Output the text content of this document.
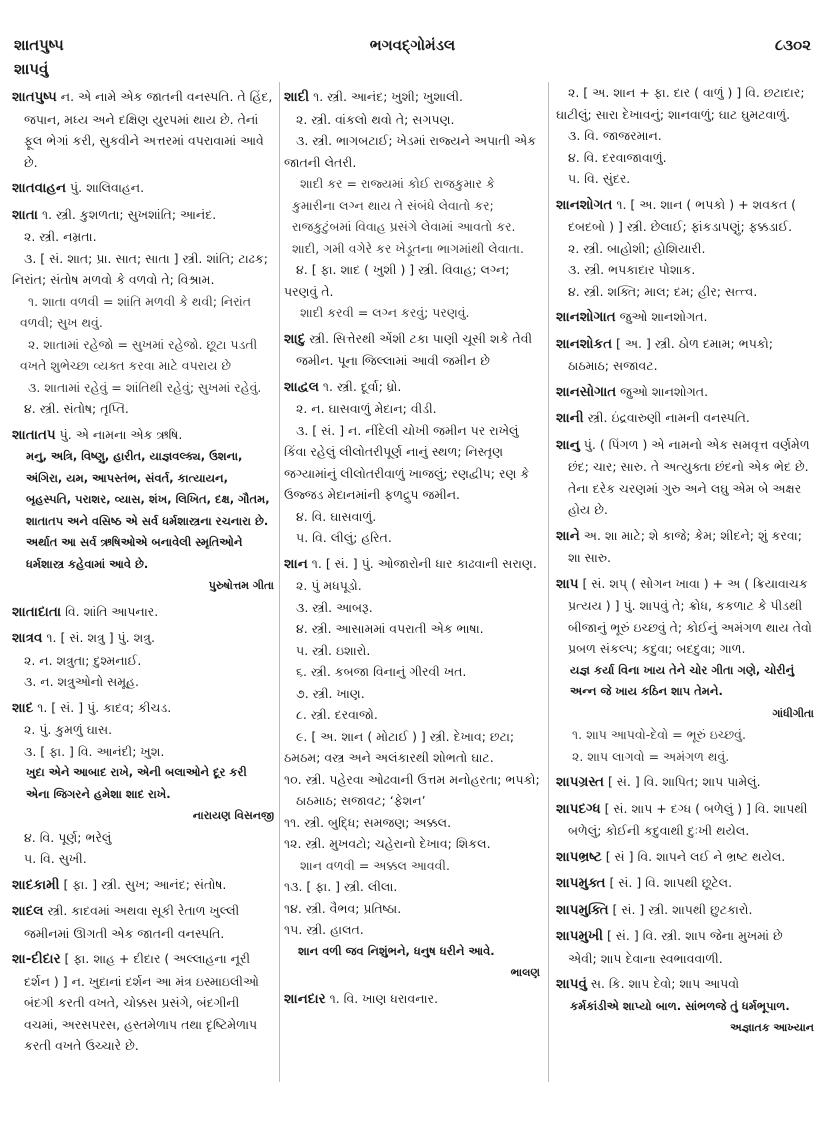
શાતપુષ્પ
શાપવું
ભગવદ્ગોમંડલ	૮૩૦૨
શાતપુષ્પ ન. એ નામે એક જાતની વનસ્પતિ. તે હિંદ, જપાન, મધ્ય અને દક્ષિણ યુરપમાં થાય છે. તેનાં ફૂલ ભેગાં કરી, સુકવીને અત્તરમાં વપરાવામાં આવે છે.
શાતવાહન પું. શાલિવાહન.
શાતા ૧. સ્ત્રી. કુશળતા; સુખશાંતિ; આનંદ.
૨. સ્ત્રી. નમ્રતા.
૩. [ સં. શાત; પ્રા. સાત; સાતા ] સ્ત્રી. શાંતિ; ટાઢક; નિરાંત; સંતોષ મળવો કે વળવો તે; વિશ્રામ.
૧. શાતા વળવી = શાંતિ મળવી કે થવી; નિરાંત વળવી; સુખ થવું.
૨. શાતામાં રહેજો = સુખમાં રહેજો. છૂટા પડતી વખતે શુભેચ્છા વ્યક્ત કરવા માટે વપરાય છે
૩. શાતામાં રહેવું = શાંતિથી રહેવું; સુખમાં રહેવું.
૪. સ્ત્રી. સંતોષ; તૃપ્તિ.
શાતાતપ પું. એ નામના એક ઋષિ.
મનુ, અત્રિ, વિષ્ણુ, હારીત, યાજ્ઞવલ્ક્ય, ઉશના, અંગિરા, યમ, આપસ્તંભ, સંવર્ત, કાત્યાયન, બૃહસ્પતિ, પરાશર, વ્યાસ, શંખ, લિખિત, દક્ષ, ગૌતમ, શાતાતપ અને વસિષ્ઠ એ સર્વ ધર્મશાસ્ત્રના રચનારા છે. અર્થાત આ સર્વ ઋષિઓએ બનાવેલી સ્મૃતિઓને ધર્મશાસ્ત્ર કહેવામાં આવે છે.
પુરુષોત્તમ ગીતા
શાતાદાતા વિ. શાંતિ આપનાર.
શાત્રવ ૧. [ સં. શત્રુ ] પું. શત્રુ.
૨. ન. શત્રુતા; દુશ્મનાઈ.
૩. ન. શત્રુઓનો સમૂહ.
શાદ ૧. [ સં. ] પું. કાદવ; કીચડ.
૨. પું. કુમળું ઘાસ.
૩. [ ફા. ] વિ. આનંદી; ખુશ.
ખુદા એને આબાદ રાખે, એની બલાઓને દૂર કરી એના જિગરને હમેશા શાદ રાખે.
નારાયણ વિસનજી
૪. વિ. પૂર્ણ; ભરેલું
૫. વિ. સુખી.
શાદકામી [ ફા. ] સ્ત્રી. સુખ; આનંદ; સંતોષ.
શાદલ સ્ત્રી. કાદવમાં અથવા સૂકી રેતાળ ખુલ્લી જમીનમાં ઊગતી એક જાતની વનસ્પતિ.
શા-દીદાર [ ફા. શાહ + દીદાર ( અલ્લાહના નૂરી દર્શન ) ] ન. ખુદાનાં દર્શન આ મંત્ર ઇસ્માઇલીઓ બંદગી કરતી વખતે, ચોક્કસ પ્રસંગે, બંદગીની વચમાં, અરસપરસ, હસ્તમેળાપ તથા દૃષ્ટિમેળાપ કરતી વખતે ઉચ્ચારે છે.
શાદી ૧. સ્ત્રી. આનંદ; ખુશી; ખુશાલી.
૨. સ્ત્રી. વાંકલો થવો તે; સગપણ.
૩. સ્ત્રી. ભાગબટાઈ; ખેડમાં રાજ્યને અપાતી એક જાતની લેતરી.
શાદી કર = રાજ્યમાં કોઈ રાજકુમાર કે કુમારીના લગ્ન થાય તે સંબંધે લેવાતો કર; રાજકુટુંબમાં વિવાહ પ્રસંગે લેવામાં આવતો કર. શાદી, ગમી વગેરે કર ખેડૂતના ભાગમાંથી લેવાતા.
૪. [ ફા. શાદ ( ખુશી ) ] સ્ત્રી. વિવાહ; લગ્ન; પરણવું તે.
શાદી કરવી = લગ્ન કરવું; પરણવું.
શાદુ સ્ત્રી. સિત્તેરથી એંશી ટકા પાણી ચૂસી શકે તેવી જમીન. પૂના જિલ્લામાં આવી જમીન છે
શાદ્વલ ૧. સ્ત્રી. દૂર્વા; ધ્રો.
૨. ન. ઘાસવાળું મેદાન; વીડી.
૩. [ સં. ] ન. નીંદેલી ચોખી જમીન પર રાખેલું કિંવા રહેલું લીલોતરીપૂર્ણ નાનું સ્થળ; નિસ્તૃણ જગ્યામાંનું લીલોતરીવાળું ખાજલું; રણદ્વીપ; રણ કે ઉજ્જડ મેદાનમાંની ફળદ્રુપ જમીન.
૪. વિ. ઘાસવાળું.
૫. વિ. લીલું; હરિત.
શાન ૧. [ સં. ] પું. ઓજારોની ધાર કાઢવાની સરાણ.
૨. પું મધપૂડો.
૩. સ્ત્રી. આબરૂ.
૪. સ્ત્રી. આસામમાં વપરાતી એક ભાષા.
૫. સ્ત્રી. ઇશારો.
૬. સ્ત્રી. કબજા વિનાનું ગીરવી ખત.
૭. સ્ત્રી. ખાણ.
૮. સ્ત્રી. દરવાજો.
૯. [ અ. શાન ( મોટાઈ ) ] સ્ત્રી. દેખાવ; છટા; ઠમઠમ; વસ્ત્ર અને અલંકારથી શોભતો ઘાટ.
૧૦. સ્ત્રી. પહેરવા ઓઢવાની ઉત્તમ મનોહરતા; ભપકો; ઠાઠમાઠ; સજાવટ; ‘ફેશન’
૧૧. સ્ત્રી. બુદ્ધિ; સમજણ; અક્કલ.
૧૨. સ્ત્રી. મુખવટો; ચહેરાનો દેખાવ; શિકલ.
શાન વળવી = અક્કલ આવવી.
૧૩. [ ફા. ] સ્ત્રી. લીલા.
૧૪. સ્ત્રી. વૈભવ; પ્રતિષ્ઠા.
૧૫. સ્ત્રી. હાલત.
શાન વળી જવ નિશુંભને, ધનુષ ધરીને આવે.
ભાલણ
શાનદાર ૧. વિ. ખાણ ધરાવનાર.
૨. [ અ. શાન + ફા. દાર ( વાળું ) ] વિ. છટાદાર; ઘાટીલું; સારા દેખાવનું; શાનવાળું; ઘાટ ઘુમટવાળું.
૩. વિ. જાજરમાન.
૪. વિ. દરવાજાવાળું.
૫. વિ. સુંદર.
શાનશોગત ૧. [ અ. શાન ( ભપકો ) + શવકત ( દબદબો ) ] સ્ત્રી. છેલાઈ; ફાંકડાપણું; ફક્કડાઈ.
૨. સ્ત્રી. બાહોશી; હોશિયારી.
૩. સ્ત્રી. ભપકાદાર પોશાક.
૪. સ્ત્રી. શક્તિ; માલ; દમ; હીર; સત્ત્વ.
શાનશોગાત જુઓ શાનશોગત.
શાનશોકત [ અ. ] સ્ત્રી. ઠોળ દમામ; ભપકો; ઠાઠમાઠ; સજાવટ.
શાનસોગાત જુઓ શાનશોગત.
શાની સ્ત્રી. ઇંદ્રવારુણી નામની વનસ્પતિ.
શાનુ પું. ( પિંગળ ) એ નામનો એક સમવૃત્ત વર્ણમેળ છંદ; ચાર; સારુ. તે અત્યુક્તા છંદનો એક ભેદ છે. તેના દરેક ચરણમાં ગુરુ અને લઘુ એમ બે અક્ષર હોય છે.
શાને અ. શા માટે; શે કાજે; કેમ; શીદને; શું કરવા; શા સારુ.
શાપ [ સં. શપ્ ( સોગન ખાવા ) + અ ( ક્રિયાવાચક પ્રત્યય ) ] પું. શાપવું તે; ક્રોધ, કકળાટ કે પીડથી બીજાનું ભૂરું ઇચ્છવું તે; કોઈનું અમંગળ થાય તેવો પ્રબળ સંકલ્પ; કદુવા; બદદુવા; ગાળ.
યજ્ઞ કર્યા વિના ખાય તેને ચોર ગીતા ગણે, ચોરીનું અન્ન જે ખાય કઠિન શાપ તેમને.
ગાંધીગીતા
૧. શાપ આપવો-દેવો = ભૂરું ઇચ્છવું.
૨. શાપ લાગવો = અમંગળ થવું.
શાપગ્રસ્ત [ સં. ] વિ. શાપિત; શાપ પામેલું.
શાપદગ્ધ [ સં. શાપ + દગ્ધ ( બળેલું ) ] વિ. શાપથી બળેલું; કોઈની કદુવાથી દુઃખી થયેલ.
શાપભ્રષ્ટ [ સં ] વિ. શાપને લઈ ને ભ્રષ્ટ થયેલ.
શાપમુક્ત [ સં. ] વિ. શાપથી છૂટેલ.
શાપમુક્તિ [ સં. ] સ્ત્રી. શાપથી છુટકારો.
શાપમુખી [ સં. ] વિ. સ્ત્રી. શાપ જેના મુખમાં છે એવી; શાપ દેવાના સ્વભાવવાળી.
શાપવું સ. કિ. શાપ દેવો; શાપ આપવો
કર્મકાંડીએ શાપ્યો બાળ. સાંભળજે તું ધર્મભૂપાળ.
અજ્ઞાતક આખ્યાન
